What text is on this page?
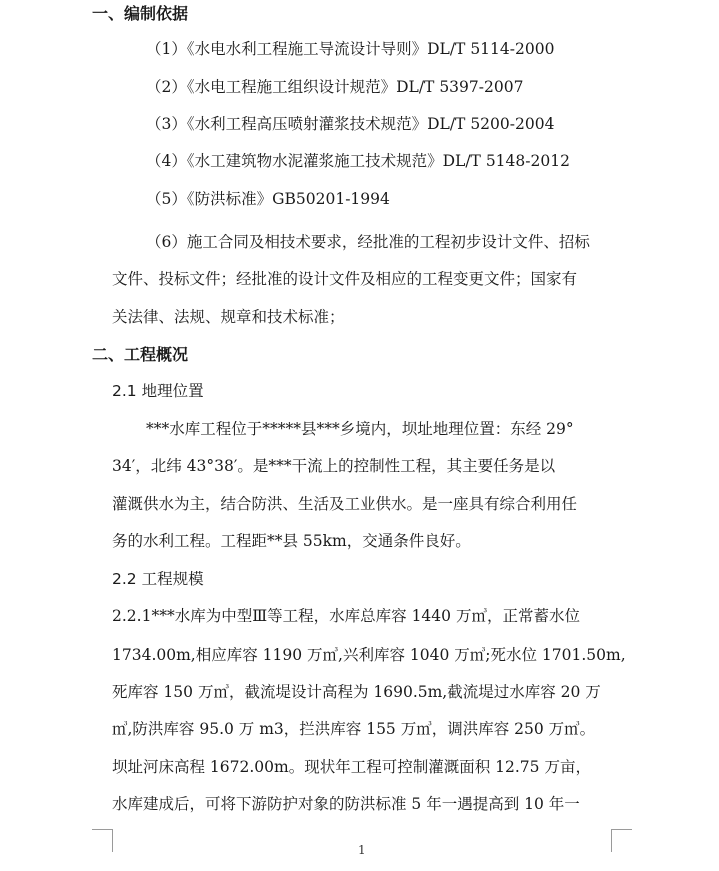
一、编制依据
（1）《水电水利工程施工导流设计导则》DL/T 5114-2000
（2）《水电工程施工组织设计规范》DL/T 5397-2007
（3）《水利工程高压喷射灌浆技术规范》DL/T 5200-2004
（4）《水工建筑物水泥灌浆施工技术规范》DL/T 5148-2012
（5）《防洪标准》GB50201-1994
（6）施工合同及相技术要求，经批准的工程初步设计文件、招标
文件、投标文件；经批准的设计文件及相应的工程变更文件；国家有
关法律、法规、规章和技术标准；
二、工程概况
2.1 地理位置
***水库工程位于*****县***乡境内，坝址地理位置：东经 29°
34′，北纬 43°38′。是***干流上的控制性工程，其主要任务是以
灌溉供水为主，结合防洪、生活及工业供水。是一座具有综合利用任
务的水利工程。工程距**县 55km，交通条件良好。
2.2 工程规模
2.2.1***水库为中型Ⅲ等工程，水库总库容 1440 万㎥，正常蓄水位
1734.00m,相应库容 1190 万㎥,兴利库容 1040 万㎥;死水位 1701.50m,
死库容 150 万㎥，截流堤设计高程为 1690.5m,截流堤过水库容 20 万
㎥,防洪库容 95.0 万 m3，拦洪库容 155 万㎥，调洪库容 250 万㎥。
坝址河床高程 1672.00m。现状年工程可控制灌溉面积 12.75 万亩，
水库建成后，可将下游防护对象的防洪标准 5 年一遇提高到 10 年一
1
